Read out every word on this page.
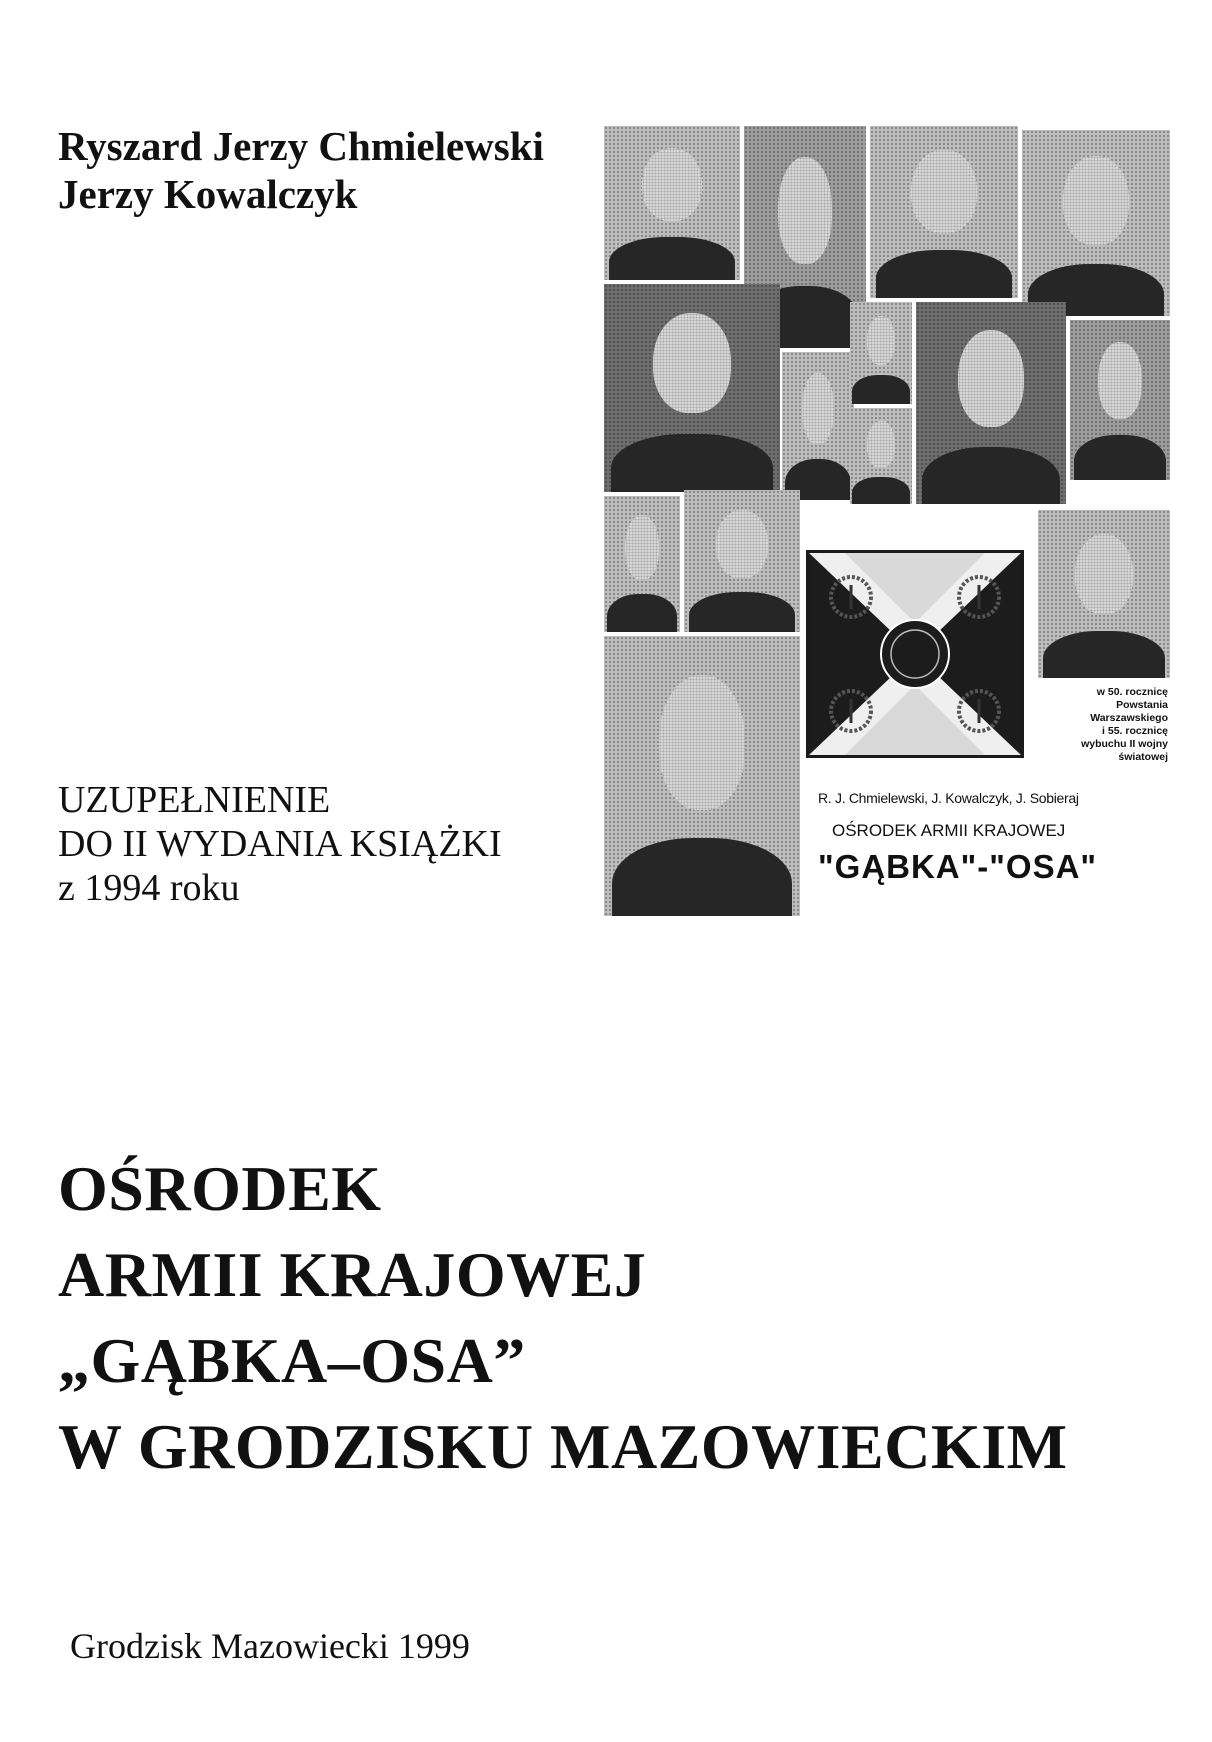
Ryszard Jerzy Chmielewski
Jerzy Kowalczyk
w 50. rocznicę
Powstania
Warszawskiego
i 55. rocznicę
wybuchu II wojny
światowej
R. J. Chmielewski, J. Kowalczyk, J. Sobieraj
OŚRODEK ARMII KRAJOWEJ
"GĄBKA"-"OSA"
UZUPEŁNIENIE
DO II WYDANIA KSIĄŻKI
z 1994 roku
OŚRODEK
ARMII KRAJOWEJ
„GĄBKA–OSA”
W GRODZISKU MAZOWIECKIM
Grodzisk Mazowiecki 1999
